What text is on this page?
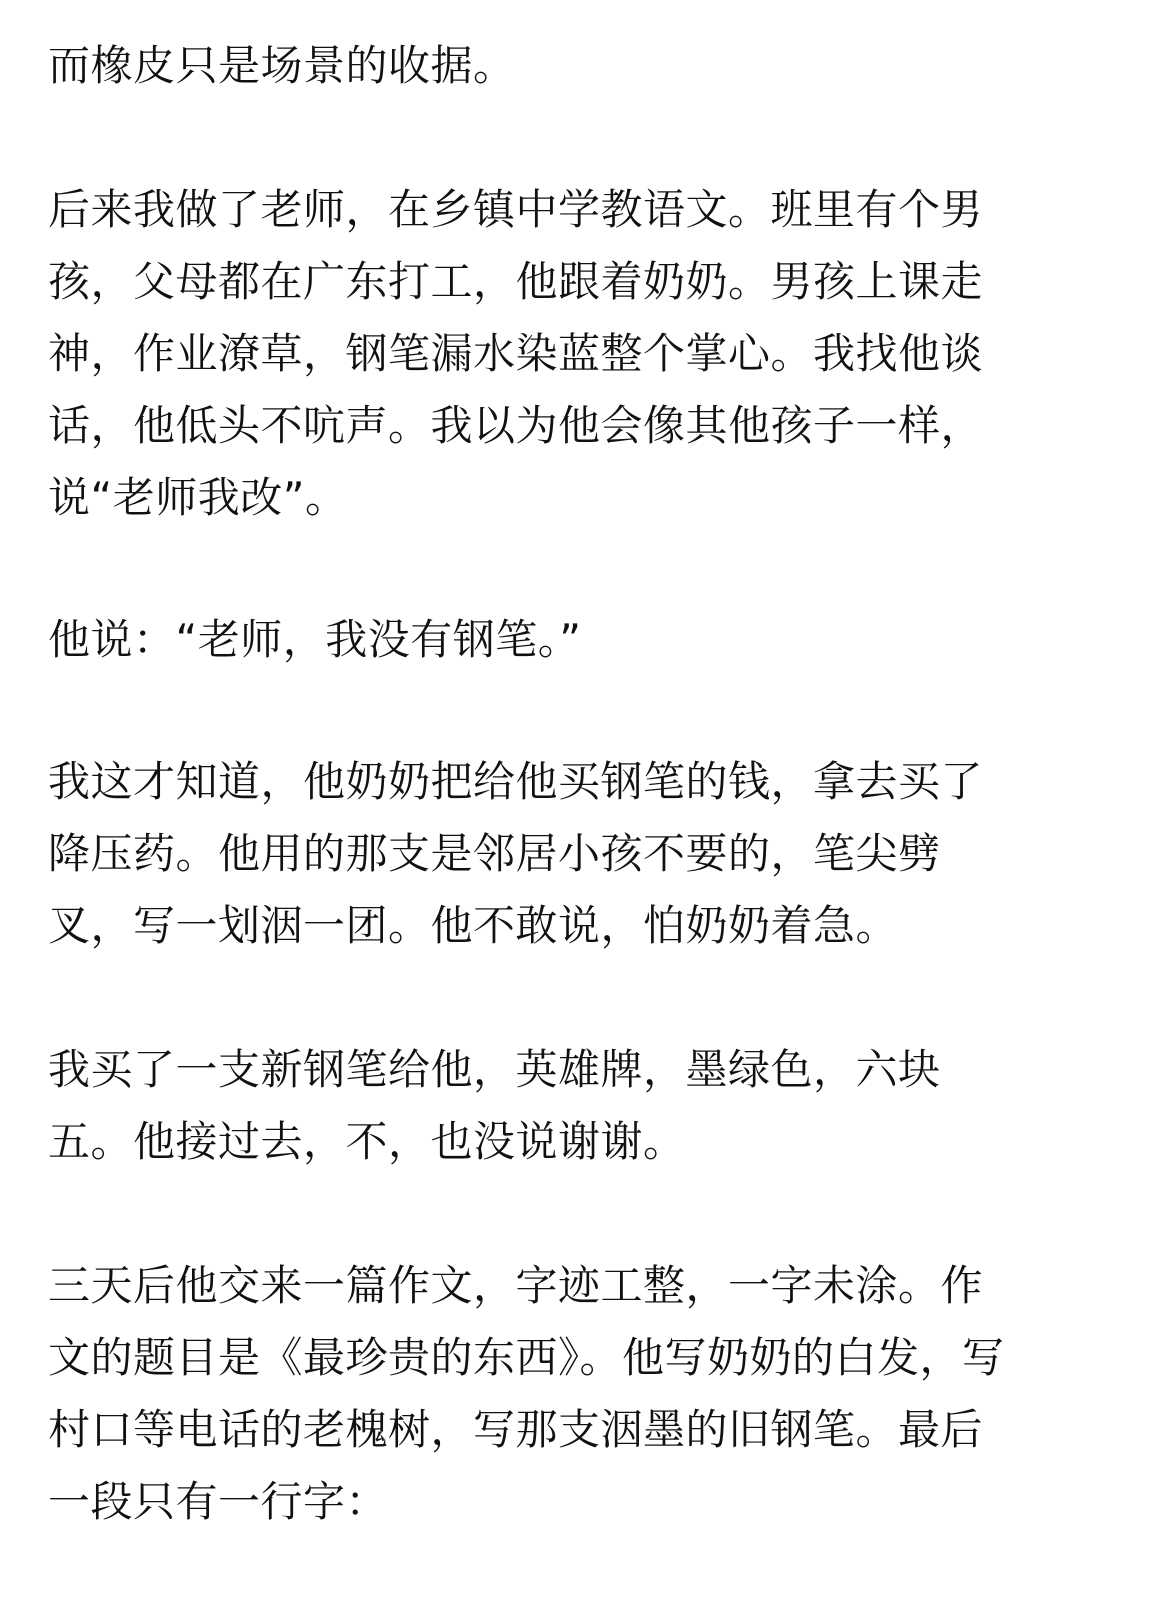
而橡皮只是场景的收据。
后来我做了老师，在乡镇中学教语文。班里有个男
孩，父母都在广东打工，他跟着奶奶。男孩上课走
神，作业潦草，钢笔漏水染蓝整个掌心。我找他谈
话，他低头不吭声。我以为他会像其他孩子一样，
说“老师我改”。
他说：“老师，我没有钢笔。”
我这才知道，他奶奶把给他买钢笔的钱，拿去买了
降压药。他用的那支是邻居小孩不要的，笔尖劈
叉，写一划洇一团。他不敢说，怕奶奶着急。
我买了一支新钢笔给他，英雄牌，墨绿色，六块
五。他接过去，不，也没说谢谢。
三天后他交来一篇作文，字迹工整，一字未涂。作
文的题目是《最珍贵的东西》。他写奶奶的白发，写
村口等电话的老槐树，写那支洇墨的旧钢笔。最后
一段只有一行字：
